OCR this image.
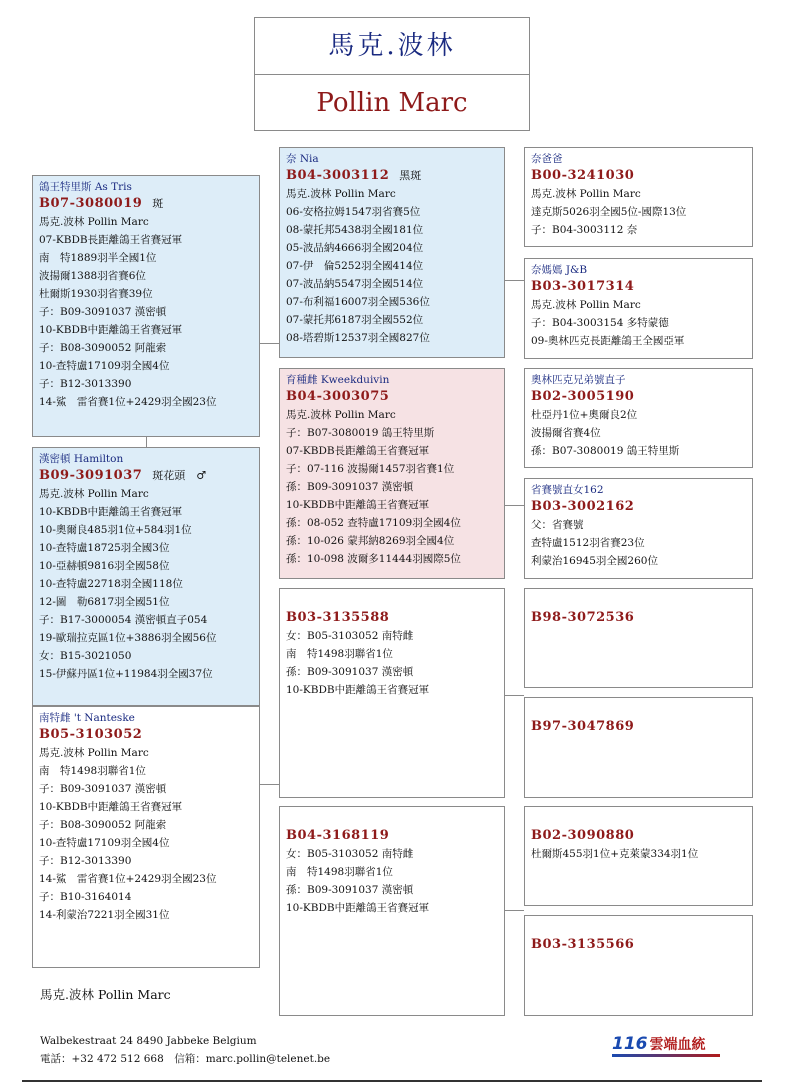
馬克.波林
Pollin Marc
鴿王特里斯 As Tris
B07-3080019 斑
馬克.波林 Pollin Marc
07-KBDB長距離鴿王省賽冠軍
南　特1889羽半全國1位
波揚爾1388羽省賽6位
杜爾斯1930羽省賽39位
子：B09-3091037 漢密頓
10-KBDB中距離鴿王省賽冠軍
子：B08-3090052 阿龍索
10-查特盧17109羽全國4位
子：B12-3013390
14-鯊　雷省賽1位+2429羽全國23位
漢密頓 Hamilton
B09-3091037 斑花頭　♂
馬克.波林 Pollin Marc
10-KBDB中距離鴿王省賽冠軍
10-奧爾良485羽1位+584羽1位
10-查特盧18725羽全國3位
10-亞赫頓9816羽全國58位
10-查特盧22718羽全國118位
12-圖　勒6817羽全國51位
子：B17-3000054 漢密頓直子054
19-歐瑞拉克區1位+3886羽全國56位
女：B15-3021050
15-伊蘇丹區1位+11984羽全國37位
南特雌 't Nanteske
B05-3103052
馬克.波林 Pollin Marc
南　特1498羽聯省1位
子：B09-3091037 漢密頓
10-KBDB中距離鴿王省賽冠軍
子：B08-3090052 阿龍索
10-查特盧17109羽全國4位
子：B12-3013390
14-鯊　雷省賽1位+2429羽全國23位
子：B10-3164014
14-利蒙治7221羽全國31位
奈 Nia
B04-3003112 黑斑
馬克.波林 Pollin Marc
06-安格拉姆1547羽省賽5位
08-蒙托邦5438羽全國181位
05-波品納4666羽全國204位
07-伊　倫5252羽全國414位
07-波品納5547羽全國514位
07-布利福16007羽全國536位
07-蒙托邦6187羽全國552位
08-塔碧斯12537羽全國827位
育種雌 Kweekduivin
B04-3003075
馬克.波林 Pollin Marc
子：B07-3080019 鴿王特里斯
07-KBDB長距離鴿王省賽冠軍
子：07-116 波揚爾1457羽省賽1位
孫：B09-3091037 漢密頓
10-KBDB中距離鴿王省賽冠軍
孫：08-052 查特盧17109羽全國4位
孫：10-026 蒙邦納8269羽全國4位
孫：10-098 波爾多11444羽國際5位
B03-3135588
女：B05-3103052 南特雌
南　特1498羽聯省1位
孫：B09-3091037 漢密頓
10-KBDB中距離鴿王省賽冠軍
B04-3168119
女：B05-3103052 南特雌
南　特1498羽聯省1位
孫：B09-3091037 漢密頓
10-KBDB中距離鴿王省賽冠軍
奈爸爸
B00-3241030
馬克.波林 Pollin Marc
達克斯5026羽全國5位-國際13位
子：B04-3003112 奈
奈媽媽 J&B
B03-3017314
馬克.波林 Pollin Marc
子：B04-3003154 多特蒙德
09-奧林匹克長距離鴿王全國亞軍
奧林匹克兄弟號直子
B02-3005190
杜亞丹1位+奧爾良2位
波揚爾省賽4位
孫：B07-3080019 鴿王特里斯
省賽號直女162
B03-3002162
父：省賽號
查特盧1512羽省賽23位
利蒙治16945羽全國260位
B98-3072536
B97-3047869
B02-3090880
杜爾斯455羽1位+克萊蒙334羽1位
B03-3135566
馬克.波林 Pollin Marc
Walbekestraat 24 8490 Jabbeke Belgium
電話：+32 472 512 668　信箱：marc.pollin@telenet.be
116 雲端血統
